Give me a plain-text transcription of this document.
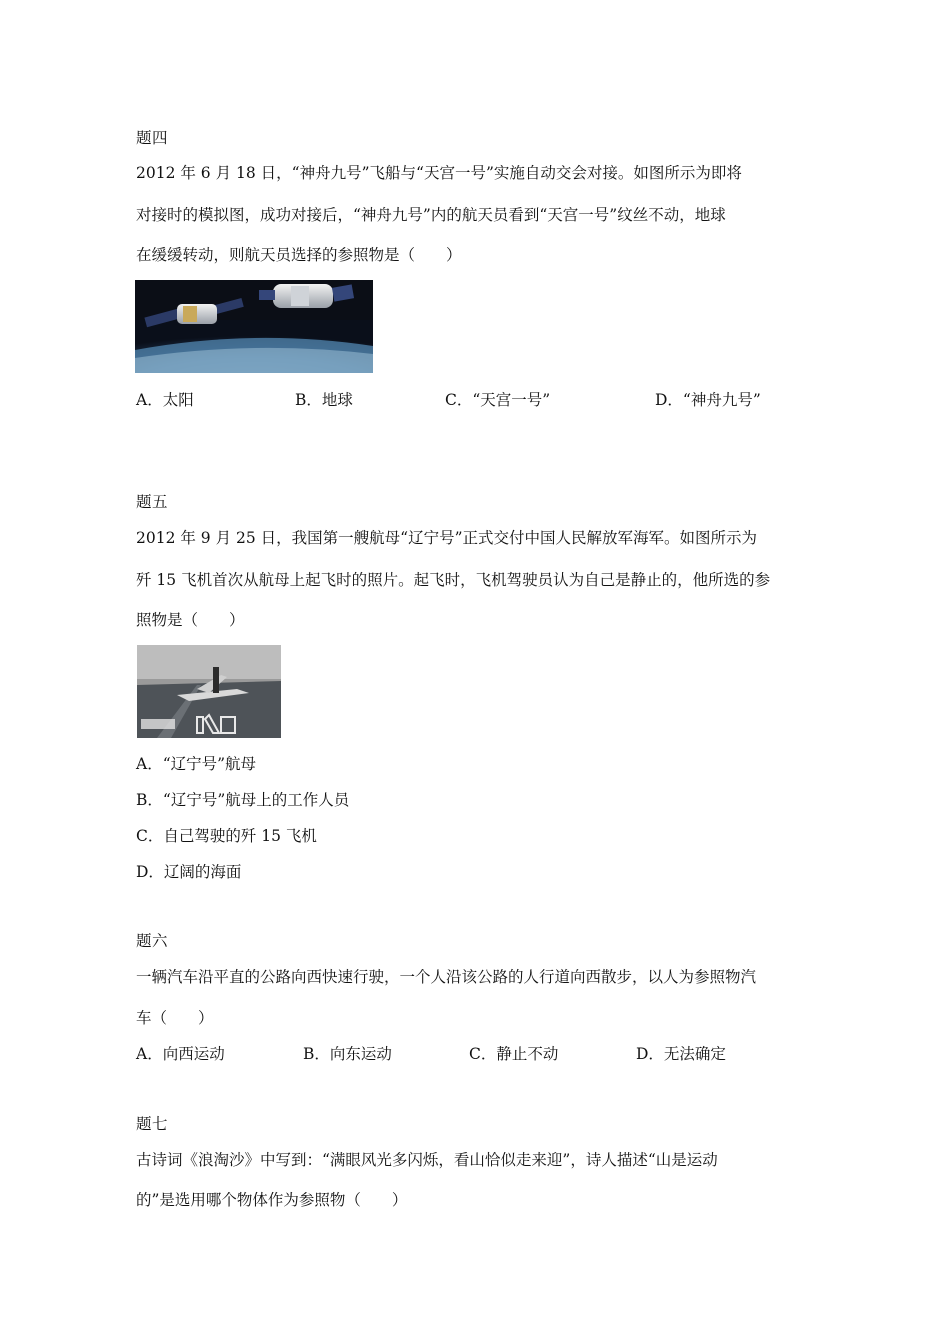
题四
2012 年 6 月 18 日，“神舟九号”飞船与“天宫一号”实施自动交会对接。如图所示为即将
对接时的模拟图，成功对接后，“神舟九号”内的航天员看到“天宫一号”纹丝不动，地球
在缓缓转动，则航天员选择的参照物是（　　）
A．太阳	B．地球	C．“天宫一号”	D．“神舟九号”
题五
2012 年 9 月 25 日，我国第一艘航母“辽宁号”正式交付中国人民解放军海军。如图所示为
歼 15 飞机首次从航母上起飞时的照片。起飞时，飞机驾驶员认为自己是静止的，他所选的参
照物是（　　）
A．“辽宁号”航母
B．“辽宁号”航母上的工作人员
C．自己驾驶的歼 15 飞机
D．辽阔的海面
题六
一辆汽车沿平直的公路向西快速行驶，一个人沿该公路的人行道向西散步，以人为参照物汽
车（　　）
A．向西运动	B．向东运动	C．静止不动	D．无法确定
题七
古诗词《浪淘沙》中写到：“满眼风光多闪烁，看山恰似走来迎”，诗人描述“山是运动
的”是选用哪个物体作为参照物（　　）
